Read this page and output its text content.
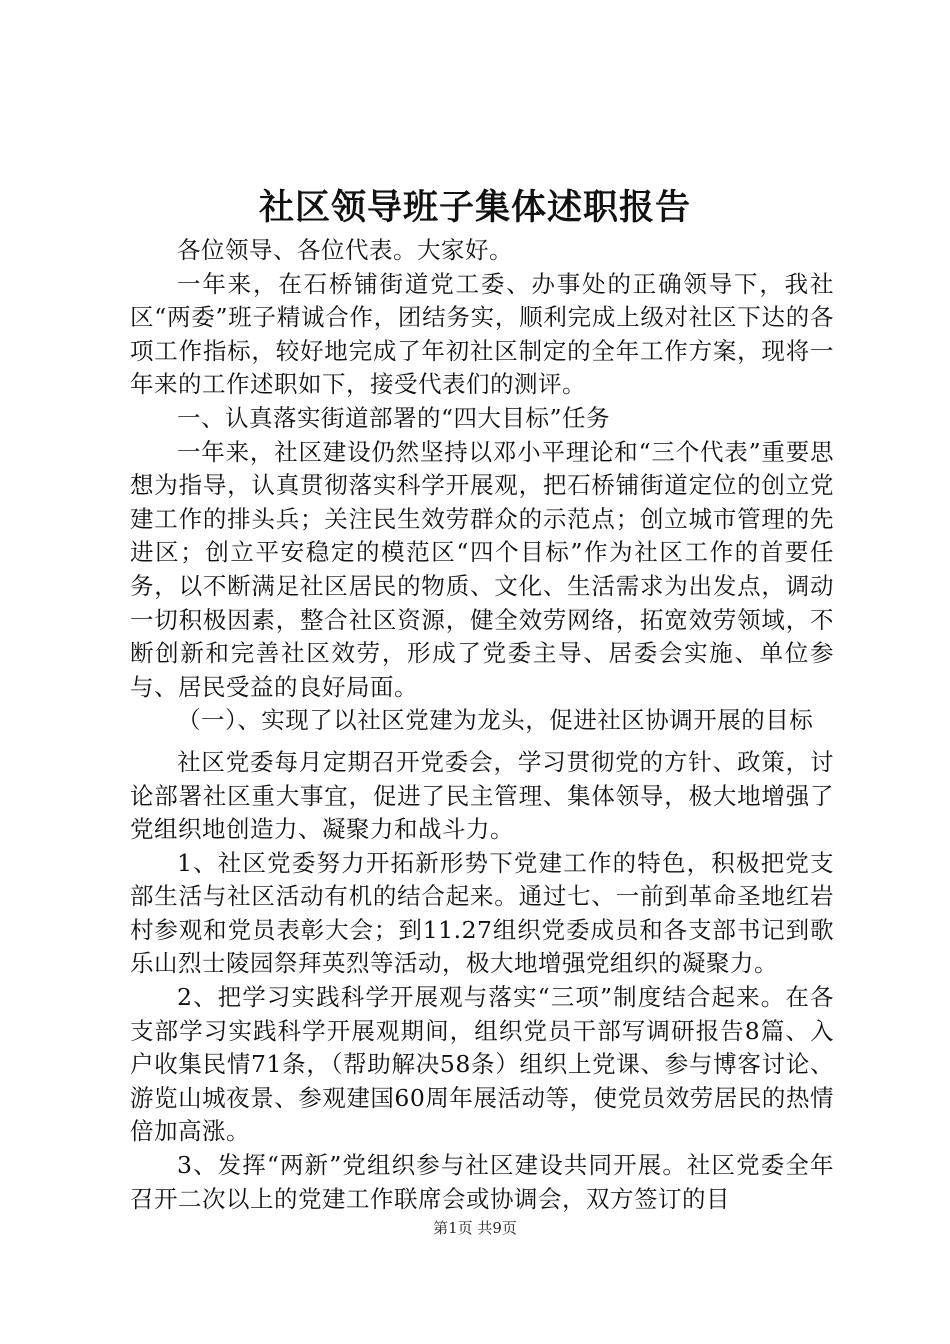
社区领导班子集体述职报告

各位领导、各位代表。大家好。

一年来，在石桥铺街道党工委、办事处的正确领导下，我社区“两委”班子精诚合作，团结务实，顺利完成上级对社区下达的各项工作指标，较好地完成了年初社区制定的全年工作方案，现将一年来的工作述职如下，接受代表们的测评。

一、认真落实街道部署的“四大目标”任务

一年来，社区建设仍然坚持以邓小平理论和“三个代表”重要思想为指导，认真贯彻落实科学开展观，把石桥铺街道定位的创立党建工作的排头兵；关注民生效劳群众的示范点；创立城市管理的先进区；创立平安稳定的模范区“四个目标”作为社区工作的首要任务，以不断满足社区居民的物质、文化、生活需求为出发点，调动一切积极因素，整合社区资源，健全效劳网络，拓宽效劳领域，不断创新和完善社区效劳，形成了党委主导、居委会实施、单位参与、居民受益的良好局面。

（一）、实现了以社区党建为龙头，促进社区协调开展的目标

社区党委每月定期召开党委会，学习贯彻党的方针、政策，讨论部署社区重大事宜，促进了民主管理、集体领导，极大地增强了党组织地创造力、凝聚力和战斗力。

1、社区党委努力开拓新形势下党建工作的特色，积极把党支部生活与社区活动有机的结合起来。通过七、一前到革命圣地红岩村参观和党员表彰大会；到11.27组织党委成员和各支部书记到歌乐山烈士陵园祭拜英烈等活动，极大地增强党组织的凝聚力。

2、把学习实践科学开展观与落实“三项”制度结合起来。在各支部学习实践科学开展观期间，组织党员干部写调研报告8篇、入户收集民情71条，（帮助解决58条）组织上党课、参与博客讨论、游览山城夜景、参观建国60周年展活动等，使党员效劳居民的热情倍加高涨。

3、发挥“两新”党组织参与社区建设共同开展。社区党委全年召开二次以上的党建工作联席会或协调会，双方签订的目

第1页 共9页
